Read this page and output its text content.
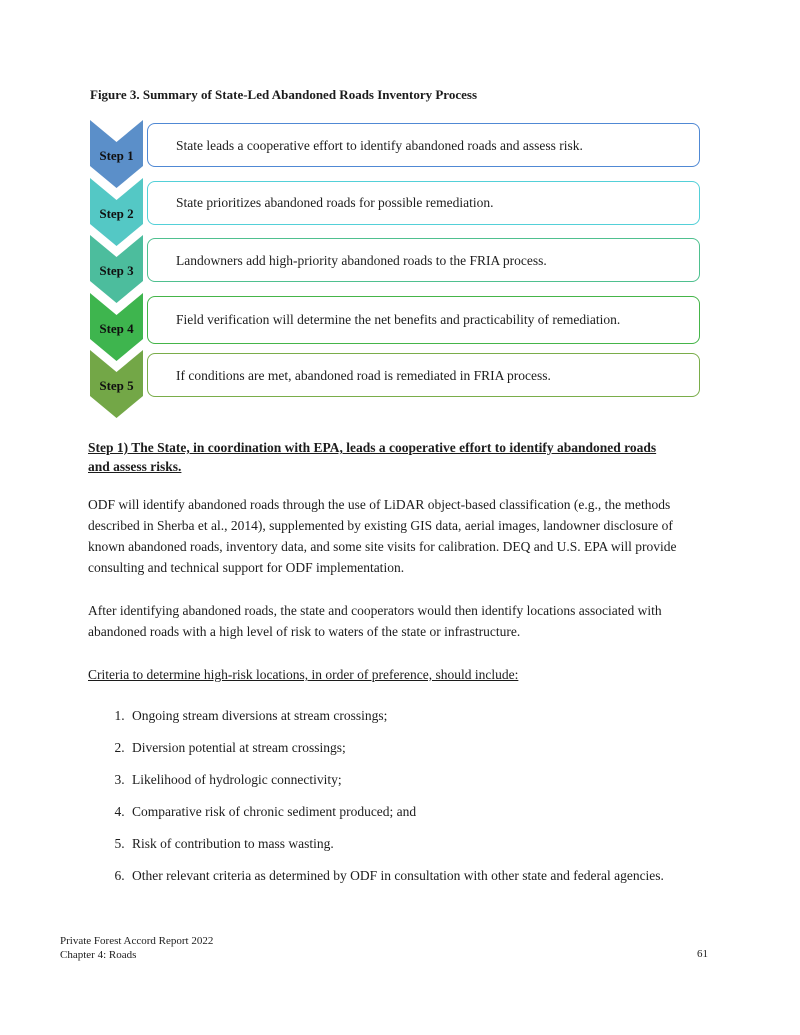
Figure 3. Summary of State-Led Abandoned Roads Inventory Process
Step 1
State leads a cooperative effort to identify abandoned roads and assess risk.
Step 2
State prioritizes abandoned roads for possible remediation.
Step 3
Landowners add high-priority abandoned roads to the FRIA process.
Step 4
Field verification will determine the net benefits and practicability of remediation.
Step 5
If conditions are met, abandoned road is remediated in FRIA process.
Step 1) The State, in coordination with EPA, leads a cooperative effort to identify abandoned roads and assess risks.

ODF will identify abandoned roads through the use of LiDAR object-based classification (e.g., the methods described in Sherba et al., 2014), supplemented by existing GIS data, aerial images, landowner disclosure of known abandoned roads, inventory data, and some site visits for calibration. DEQ and U.S. EPA will provide consulting and technical support for ODF implementation.

After identifying abandoned roads, the state and cooperators would then identify locations associated with abandoned roads with a high level of risk to waters of the state or infrastructure.

Criteria to determine high-risk locations, in order of preference, should include:

1. Ongoing stream diversions at stream crossings;
2. Diversion potential at stream crossings;
3. Likelihood of hydrologic connectivity;
4. Comparative risk of chronic sediment produced; and
5. Risk of contribution to mass wasting.
6. Other relevant criteria as determined by ODF in consultation with other state and federal agencies.
Private Forest Accord Report 2022
Chapter 4: Roads	61
